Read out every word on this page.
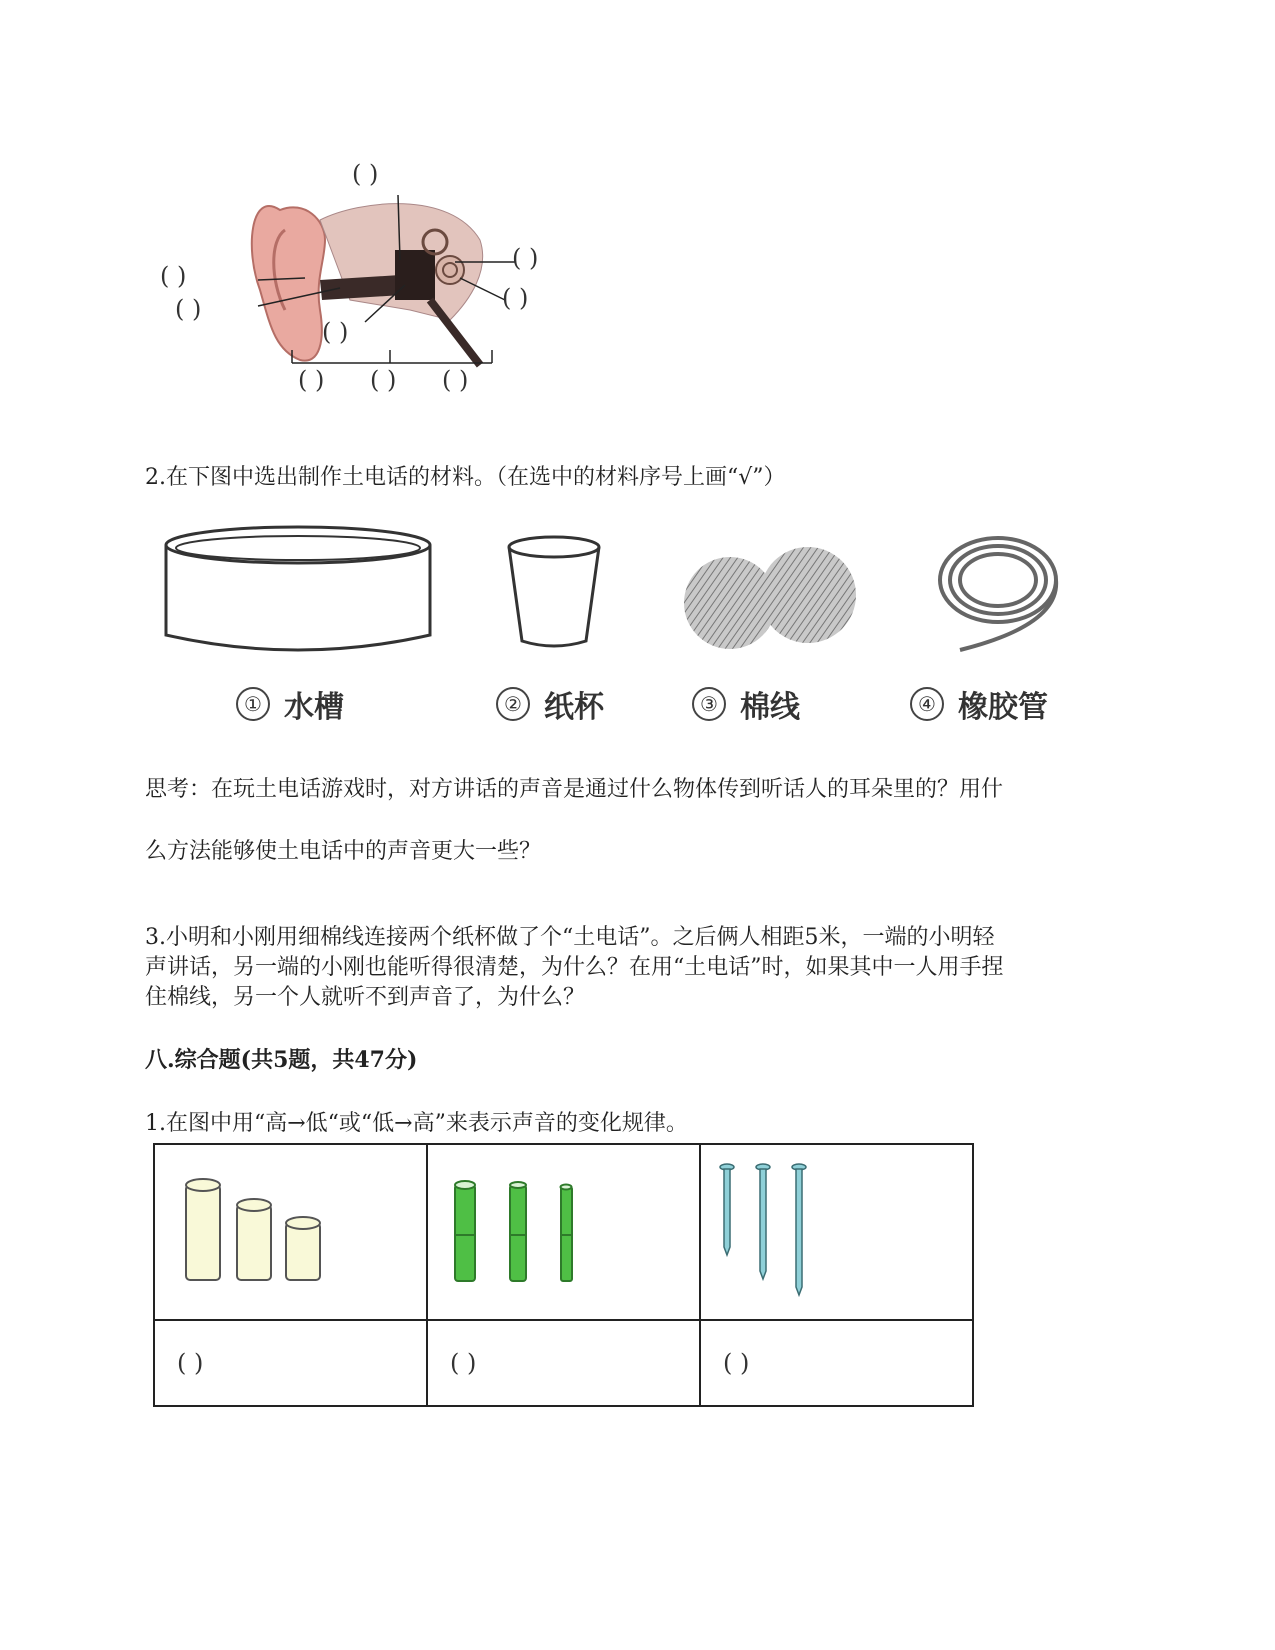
( )
( )
( )
( )
( )
( )
( ) ( ) ( )
2.在下图中选出制作土电话的材料。（在选中的材料序号上画“√”）
① 水槽	② 纸杯	③ 棉线	④ 橡胶管
思考：在玩土电话游戏时，对方讲话的声音是通过什么物体传到听话人的耳朵里的？用什
么方法能够使土电话中的声音更大一些？
3.小明和小刚用细棉线连接两个纸杯做了个“土电话”。之后俩人相距5米，一端的小明轻
声讲话，另一端的小刚也能听得很清楚，为什么？在用“土电话”时，如果其中一人用手捏
住棉线，另一个人就听不到声音了，为什么？
八.综合题(共5题，共47分)
1.在图中用“高→低“或“低→高”来表示声音的变化规律。

( )	( )	( )
